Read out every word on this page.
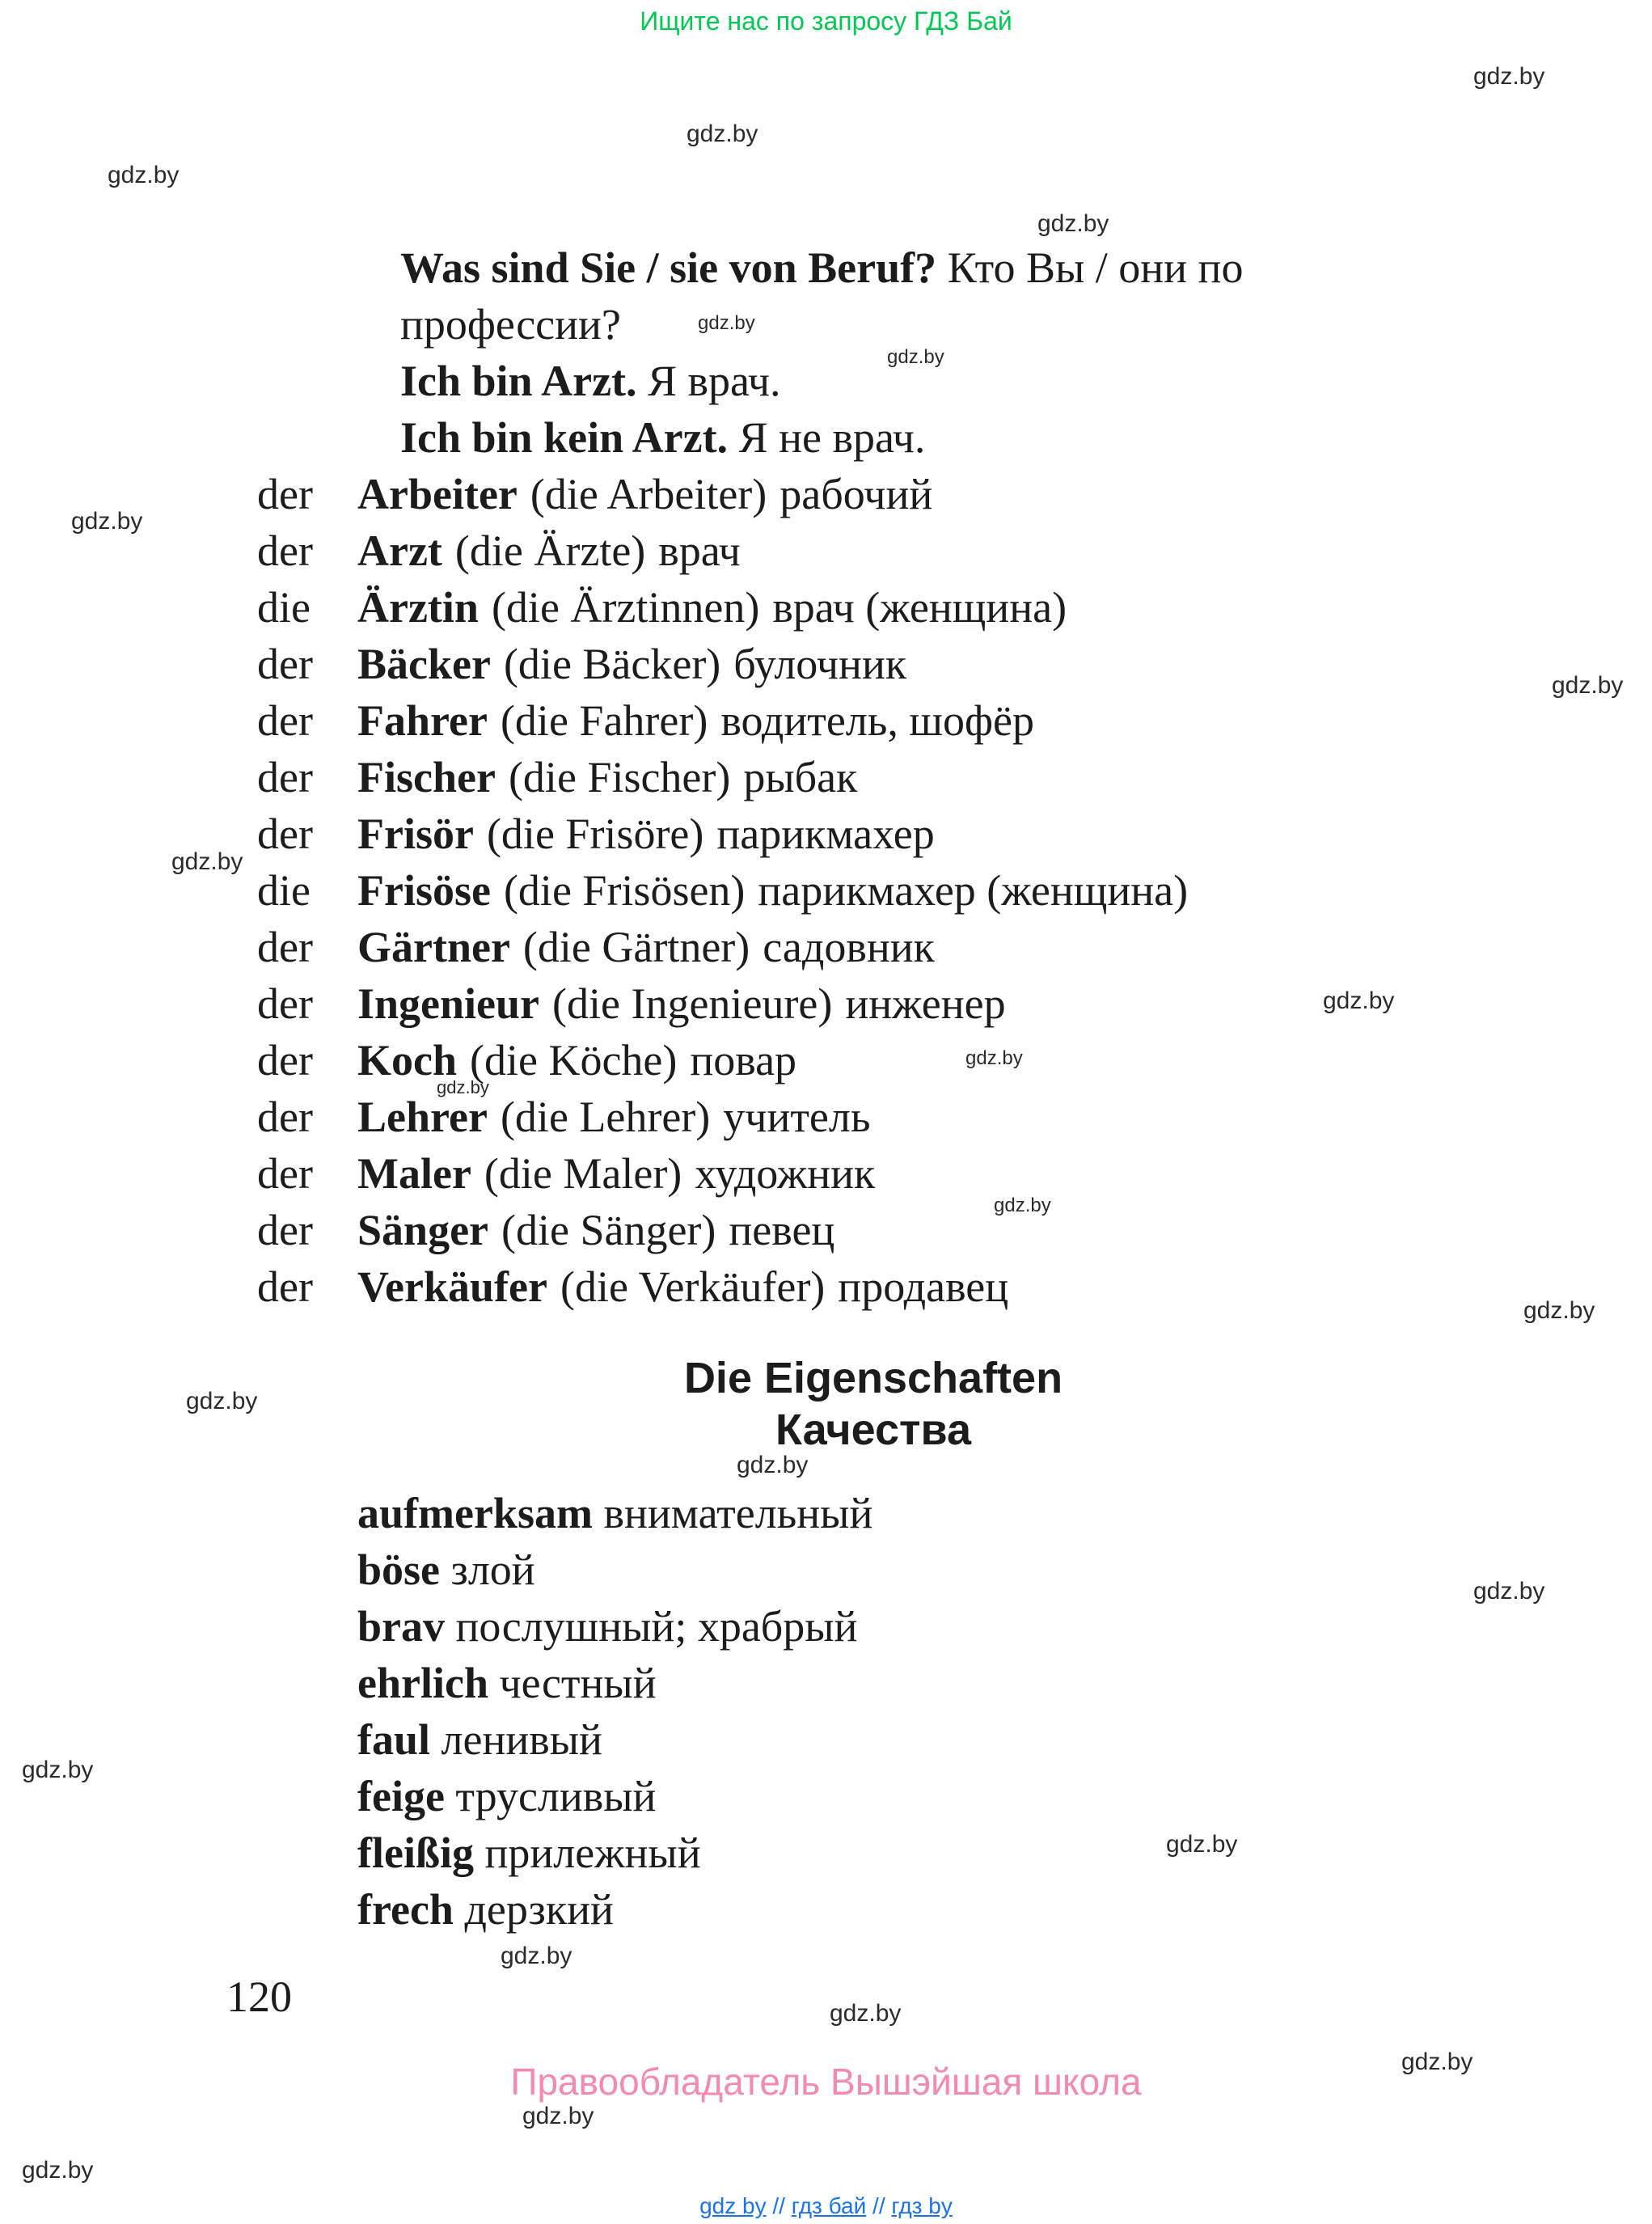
Ищите нас по запросу ГДЗ Бай
gdz.by
gdz.by
gdz.by
gdz.by
gdz.by
gdz.by
gdz.by
gdz.by
gdz.by
gdz.by
gdz.by
gdz.by
gdz.by
gdz.by
gdz.by
gdz.by
gdz.by
gdz.by
gdz.by
gdz.by
gdz.by
gdz.by
gdz.by
gdz.by
Was sind Sie / sie von Beruf? Кто Вы / они по
профессии?
Ich bin Arzt. Я врач.
Ich bin kein Arzt. Я не врач.
der	Arbeiter (die Arbeiter) рабочий
der	Arzt (die Ärzte) врач
die	Ärztin (die Ärztinnen) врач (женщина)
der	Bäcker (die Bäcker) булочник
der	Fahrer (die Fahrer) водитель, шофёр
der	Fischer (die Fischer) рыбак
der	Frisör (die Frisöre) парикмахер
die	Frisöse (die Frisösen) парикмахер (женщина)
der	Gärtner (die Gärtner) садовник
der	Ingenieur (die Ingenieure) инженер
der	Koch (die Köche) повар
der	Lehrer (die Lehrer) учитель
der	Maler (die Maler) художник
der	Sänger (die Sänger) певец
der	Verkäufer (die Verkäufer) продавец
Die Eigenschaften
Качества
aufmerksam внимательный
böse злой
brav послушный; храбрый
ehrlich честный
faul ленивый
feige трусливый
fleißig прилежный
frech дерзкий
120
Правообладатель Вышэйшая школа
gdz by // гдз бай // гдз by
